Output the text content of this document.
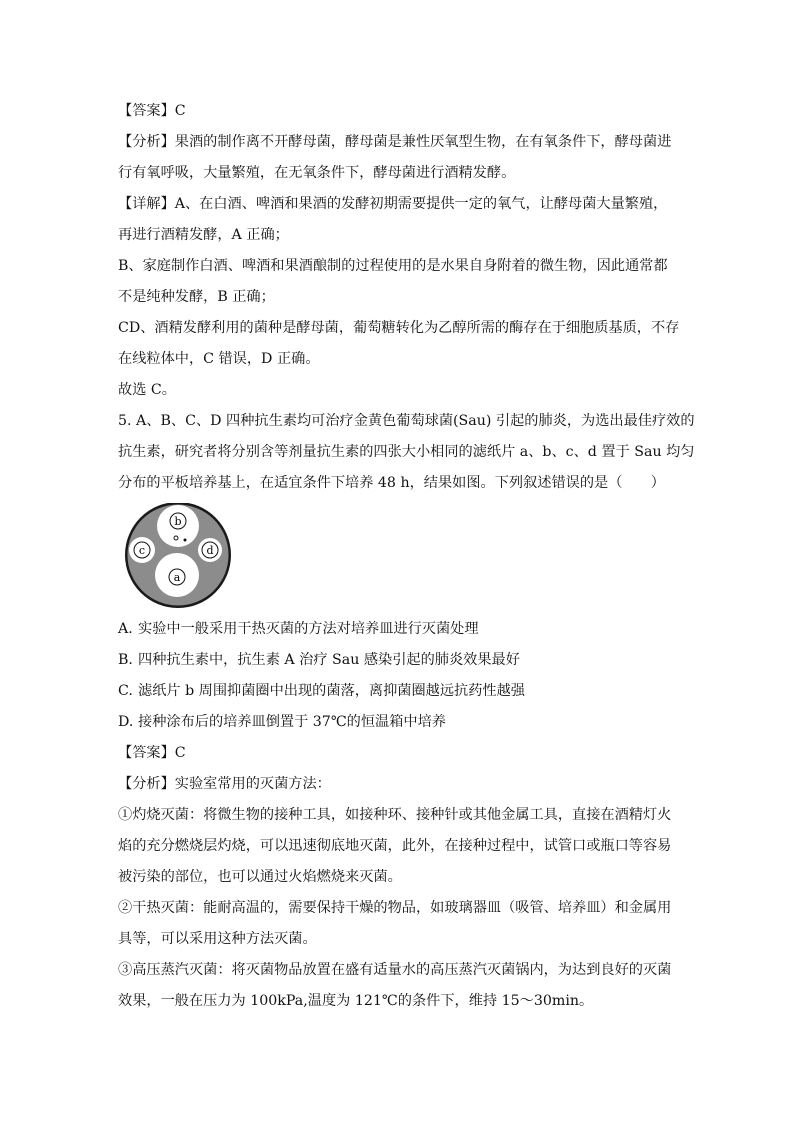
【答案】C

【分析】果酒的制作离不开酵母菌，酵母菌是兼性厌氧型生物，在有氧条件下，酵母菌进

行有氧呼吸，大量繁殖，在无氧条件下，酵母菌进行酒精发酵。

【详解】A、在白酒、啤酒和果酒的发酵初期需要提供一定的氧气，让酵母菌大量繁殖，

再进行酒精发酵，A 正确；

B、家庭制作白酒、啤酒和果酒酿制的过程使用的是水果自身附着的微生物，因此通常都

不是纯种发酵，B 正确；

CD、酒精发酵利用的菌种是酵母菌，葡萄糖转化为乙醇所需的酶存在于细胞质基质，不存

在线粒体中，C 错误，D 正确。

故选 C。

5. A、B、C、D 四种抗生素均可治疗金黄色葡萄球菌(Sau) 引起的肺炎，为选出最佳疗效的

抗生素，研究者将分别含等剂量抗生素的四张大小相同的滤纸片 a、b、c、d 置于 Sau 均匀

分布的平板培养基上，在适宜条件下培养 48 h，结果如图。下列叙述错误的是（　　）

b
a
c	d
A. 实验中一般采用干热灭菌的方法对培养皿进行灭菌处理
B. 四种抗生素中，抗生素 A 治疗 Sau 感染引起的肺炎效果最好
C. 滤纸片 b 周围抑菌圈中出现的菌落，离抑菌圈越远抗药性越强
D. 接种涂布后的培养皿倒置于 37℃的恒温箱中培养

【答案】C

【分析】实验室常用的灭菌方法：

①灼烧灭菌：将微生物的接种工具，如接种环、接种针或其他金属工具，直接在酒精灯火

焰的充分燃烧层灼烧，可以迅速彻底地灭菌，此外，在接种过程中，试管口或瓶口等容易

被污染的部位，也可以通过火焰燃烧来灭菌。

②干热灭菌：能耐高温的，需要保持干燥的物品，如玻璃器皿（吸管、培养皿）和金属用

具等，可以采用这种方法灭菌。

③高压蒸汽灭菌：将灭菌物品放置在盛有适量水的高压蒸汽灭菌锅内，为达到良好的灭菌

效果，一般在压力为 100kPa,温度为 121℃的条件下，维持 15～30min。
